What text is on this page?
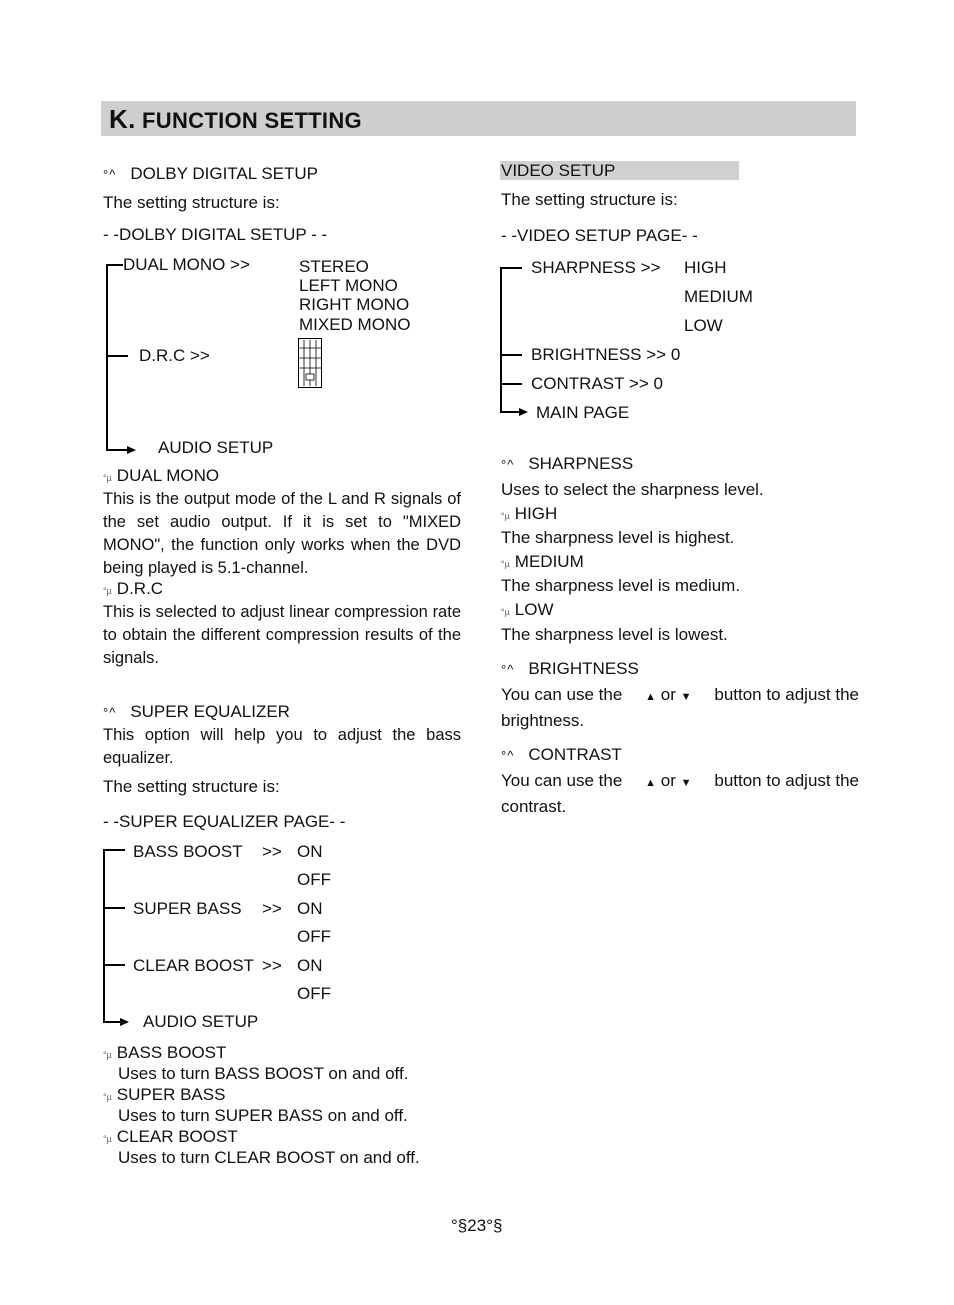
K. FUNCTION SETTING
°^ DOLBY DIGITAL SETUP
The setting structure is:
- -DOLBY DIGITAL SETUP - -
DUAL MONO >>	STEREO
LEFT MONO
RIGHT MONO
MIXED MONO
D.R.C >>
AUDIO SETUP
$^{^\circ\mu}$ DUAL MONO
This is the output mode of the L and R signals of the set audio output. If it is set to "MIXED MONO", the function only works when the DVD being played is 5.1-channel.
$^{^\circ\mu}$ D.R.C
This is selected to adjust linear compression rate to obtain the different compression results of the signals.
°^ SUPER EQUALIZER
This option will help you to adjust the bass equalizer.
The setting structure is:
- -SUPER EQUALIZER PAGE- -
BASS BOOST >> ON
OFF
SUPER BASS >> ON
OFF
CLEAR BOOST >> ON
OFF
AUDIO SETUP
$^{^\circ\mu}$ BASS BOOST
Uses to turn BASS BOOST on and off.
$^{^\circ\mu}$ SUPER BASS
Uses to turn SUPER BASS on and off.
$^{^\circ\mu}$ CLEAR BOOST
Uses to turn CLEAR BOOST on and off.
VIDEO SETUP
The setting structure is:
- -VIDEO SETUP PAGE- -
SHARPNESS >> HIGH
MEDIUM
LOW
BRIGHTNESS >> 0
CONTRAST >> 0
MAIN PAGE
°^ SHARPNESS
Uses to select the sharpness level.
$^{^\circ\mu}$ HIGH
The sharpness level is highest.
$^{^\circ\mu}$ MEDIUM
The sharpness level is medium.
$^{^\circ\mu}$ LOW
The sharpness level is lowest.
°^ BRIGHTNESS
You can use the ▲ or ▼ button to adjust the
brightness.
°^ CONTRAST
You can use the ▲ or ▼ button to adjust the
contrast.
°§23°§
